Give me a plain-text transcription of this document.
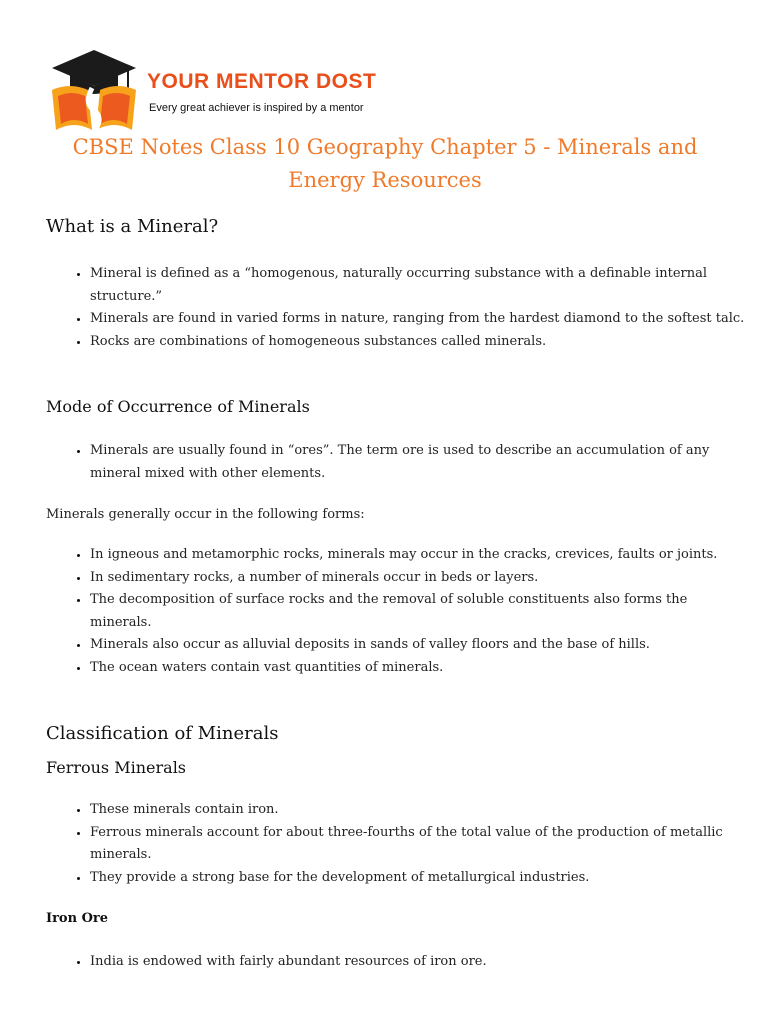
YOUR MENTOR DOST
Every great achiever is inspired by a mentor
CBSE Notes Class 10 Geography Chapter 5 - Minerals and Energy Resources
What is a Mineral?
• Mineral is defined as a “homogenous, naturally occurring substance with a definable internal structure.”
• Minerals are found in varied forms in nature, ranging from the hardest diamond to the softest talc.
• Rocks are combinations of homogeneous substances called minerals.
Mode of Occurrence of Minerals
• Minerals are usually found in “ores”. The term ore is used to describe an accumulation of any mineral mixed with other elements.

Minerals generally occur in the following forms:

• In igneous and metamorphic rocks, minerals may occur in the cracks, crevices, faults or joints.
• In sedimentary rocks, a number of minerals occur in beds or layers.
• The decomposition of surface rocks and the removal of soluble constituents also forms the minerals.
• Minerals also occur as alluvial deposits in sands of valley floors and the base of hills.
• The ocean waters contain vast quantities of minerals.
Classification of Minerals
Ferrous Minerals
• These minerals contain iron.
• Ferrous minerals account for about three-fourths of the total value of the production of metallic minerals.
• They provide a strong base for the development of metallurgical industries.
Iron Ore
• India is endowed with fairly abundant resources of iron ore.
